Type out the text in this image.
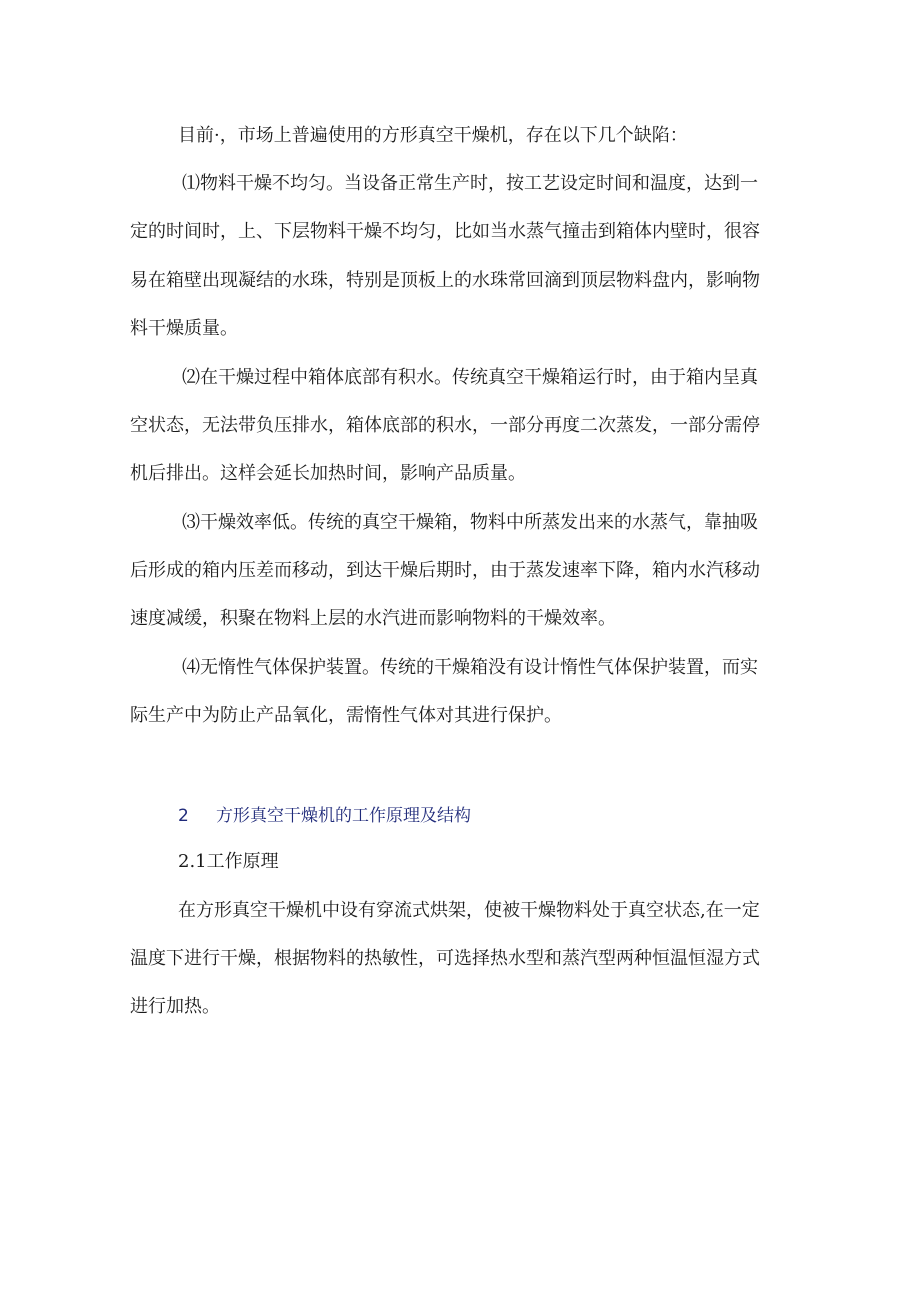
目前·，市场上普遍使用的方形真空干燥机，存在以下几个缺陷：
⑴物料干燥不均匀。当设备正常生产时，按工艺设定时间和温度，达到一
定的时间时，上、下层物料干燥不均匀，比如当水蒸气撞击到箱体内壁时，很容
易在箱壁出现凝结的水珠，特别是顶板上的水珠常回滴到顶层物料盘内，影响物
料干燥质量。
⑵在干燥过程中箱体底部有积水。传统真空干燥箱运行时，由于箱内呈真
空状态，无法带负压排水，箱体底部的积水，一部分再度二次蒸发，一部分需停
机后排出。这样会延长加热时间，影响产品质量。
⑶干燥效率低。传统的真空干燥箱，物料中所蒸发出来的水蒸气，靠抽吸
后形成的箱内压差而移动，到达干燥后期时，由于蒸发速率下降，箱内水汽移动
速度减缓，积聚在物料上层的水汽进而影响物料的干燥效率。
⑷无惰性气体保护装置。传统的干燥箱没有设计惰性气体保护装置，而实
际生产中为防止产品氧化，需惰性气体对其进行保护。
2 方形真空干燥机的工作原理及结构
2.1工作原理
在方形真空干燥机中设有穿流式烘架，使被干燥物料处于真空状态,在一定
温度下进行干燥，根据物料的热敏性，可选择热水型和蒸汽型两种恒温恒湿方式
进行加热。
